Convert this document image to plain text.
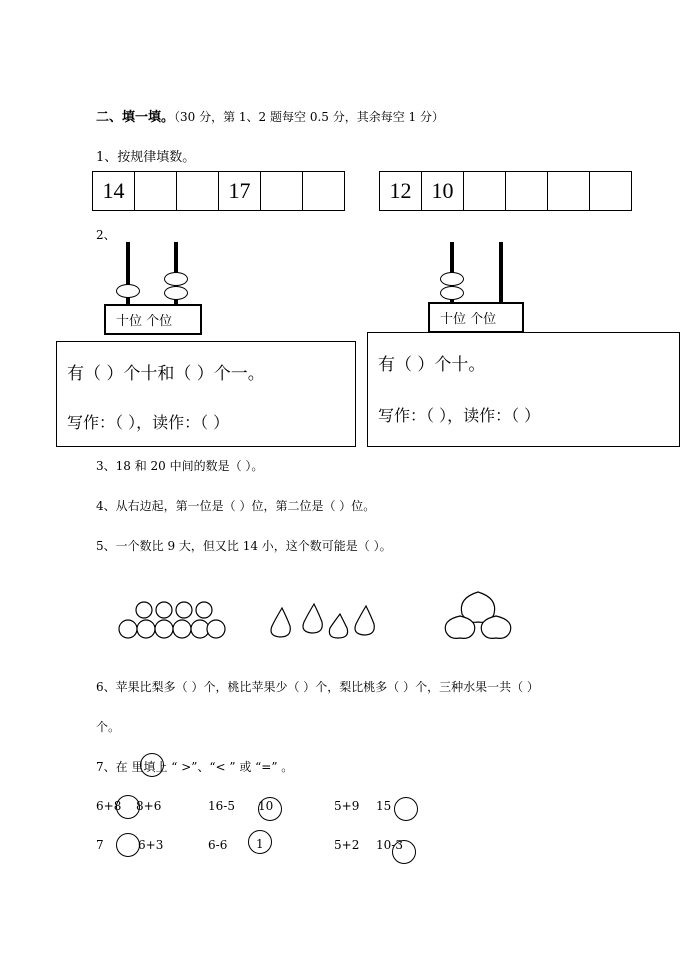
二、填一填。（30 分，第 1、2 题每空 0.5 分，其余每空 1 分）
1、按规律填数。
14	17	12 10
2、
十位 个位	十位 个位
有（ ）个十和（ ）个一。
写作：（ ），读作：（ ）
有（ ）个十。
写作：（ ），读作：（ ）
3、18 和 20 中间的数是（ ）。
4、从右边起，第一位是（ ）位，第二位是（ ）位。
5、一个数比 9 大，但又比 14 小，这个数可能是（ ）。
6、苹果比梨多（ ）个，桃比苹果少（ ）个，梨比桃多（ ）个，三种水果一共（ ）
个。
7、在 里填上 “ >”、“< ” 或 “=” 。
6+8 8+6	16-5 10	5+9 15
7	6+3	6-6 1	5+2 10-3
